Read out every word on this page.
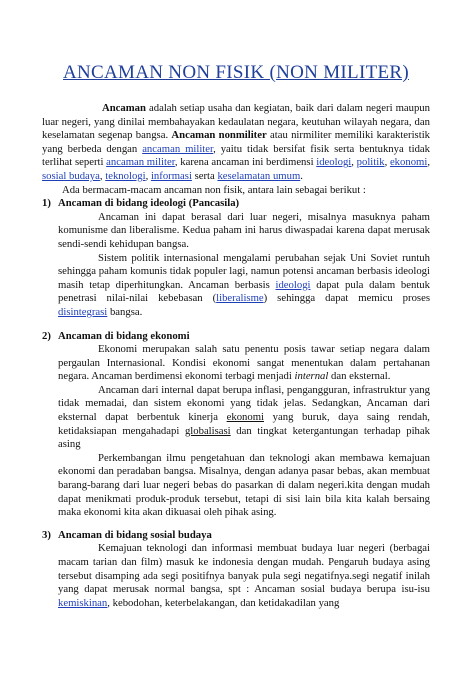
ANCAMAN NON FISIK (NON MILITER)

Ancaman adalah setiap usaha dan kegiatan, baik dari dalam negeri maupun luar negeri, yang dinilai membahayakan kedaulatan negara, keutuhan wilayah negara, dan keselamatan segenap bangsa. Ancaman nonmiliter atau nirmiliter memiliki karakteristik yang berbeda dengan ancaman militer, yaitu tidak bersifat fisik serta bentuknya tidak terlihat seperti ancaman militer, karena ancaman ini berdimensi ideologi, politik, ekonomi, sosial budaya, teknologi, informasi serta keselamatan umum.

Ada bermacam-macam ancaman non fisik, antara lain sebagai berikut :

1) Ancaman di bidang ideologi (Pancasila)

Ancaman ini dapat berasal dari luar negeri, misalnya masuknya paham komunisme dan liberalisme. Kedua paham ini harus diwaspadai karena dapat merusak sendi-sendi kehidupan bangsa.

Sistem politik internasional mengalami perubahan sejak Uni Soviet runtuh sehingga paham komunis tidak populer lagi, namun potensi ancaman berbasis ideologi masih tetap diperhitungkan. Ancaman berbasis ideologi dapat pula dalam bentuk penetrasi nilai-nilai kebebasan (liberalisme) sehingga dapat memicu proses disintegrasi bangsa.

2) Ancaman di bidang ekonomi

Ekonomi merupakan salah satu penentu posis tawar setiap negara dalam pergaulan Internasional. Kondisi ekonomi sangat menentukan dalam pertahanan negara. Ancaman berdimensi ekonomi terbagi menjadi internal dan eksternal.

Ancaman dari internal dapat berupa inflasi, pengangguran, infrastruktur yang tidak memadai, dan sistem ekonomi yang tidak jelas. Sedangkan, Ancaman dari eksternal dapat berbentuk kinerja ekonomi yang buruk, daya saing rendah, ketidaksiapan mengahadapi globalisasi dan tingkat ketergantungan terhadap pihak asing

Perkembangan ilmu pengetahuan dan teknologi akan membawa kemajuan ekonomi dan peradaban bangsa. Misalnya, dengan adanya pasar bebas, akan membuat barang-barang dari luar negeri bebas do pasarkan di dalam negeri.kita dengan mudah dapat menikmati produk-produk tersebut, tetapi di sisi lain bila kita kalah bersaing maka ekonomi kita akan dikuasai oleh pihak asing.

3) Ancaman di bidang sosial budaya

Kemajuan teknologi dan informasi membuat budaya luar negeri (berbagai macam tarian dan film) masuk ke indonesia dengan mudah. Pengaruh budaya asing tersebut disamping ada segi positifnya banyak pula segi negatifnya.segi negatif inilah yang dapat merusak normal bangsa, spt : Ancaman sosial budaya berupa isu-isu kemiskinan, kebodohan, keterbelakangan, dan ketidakadilan yang
